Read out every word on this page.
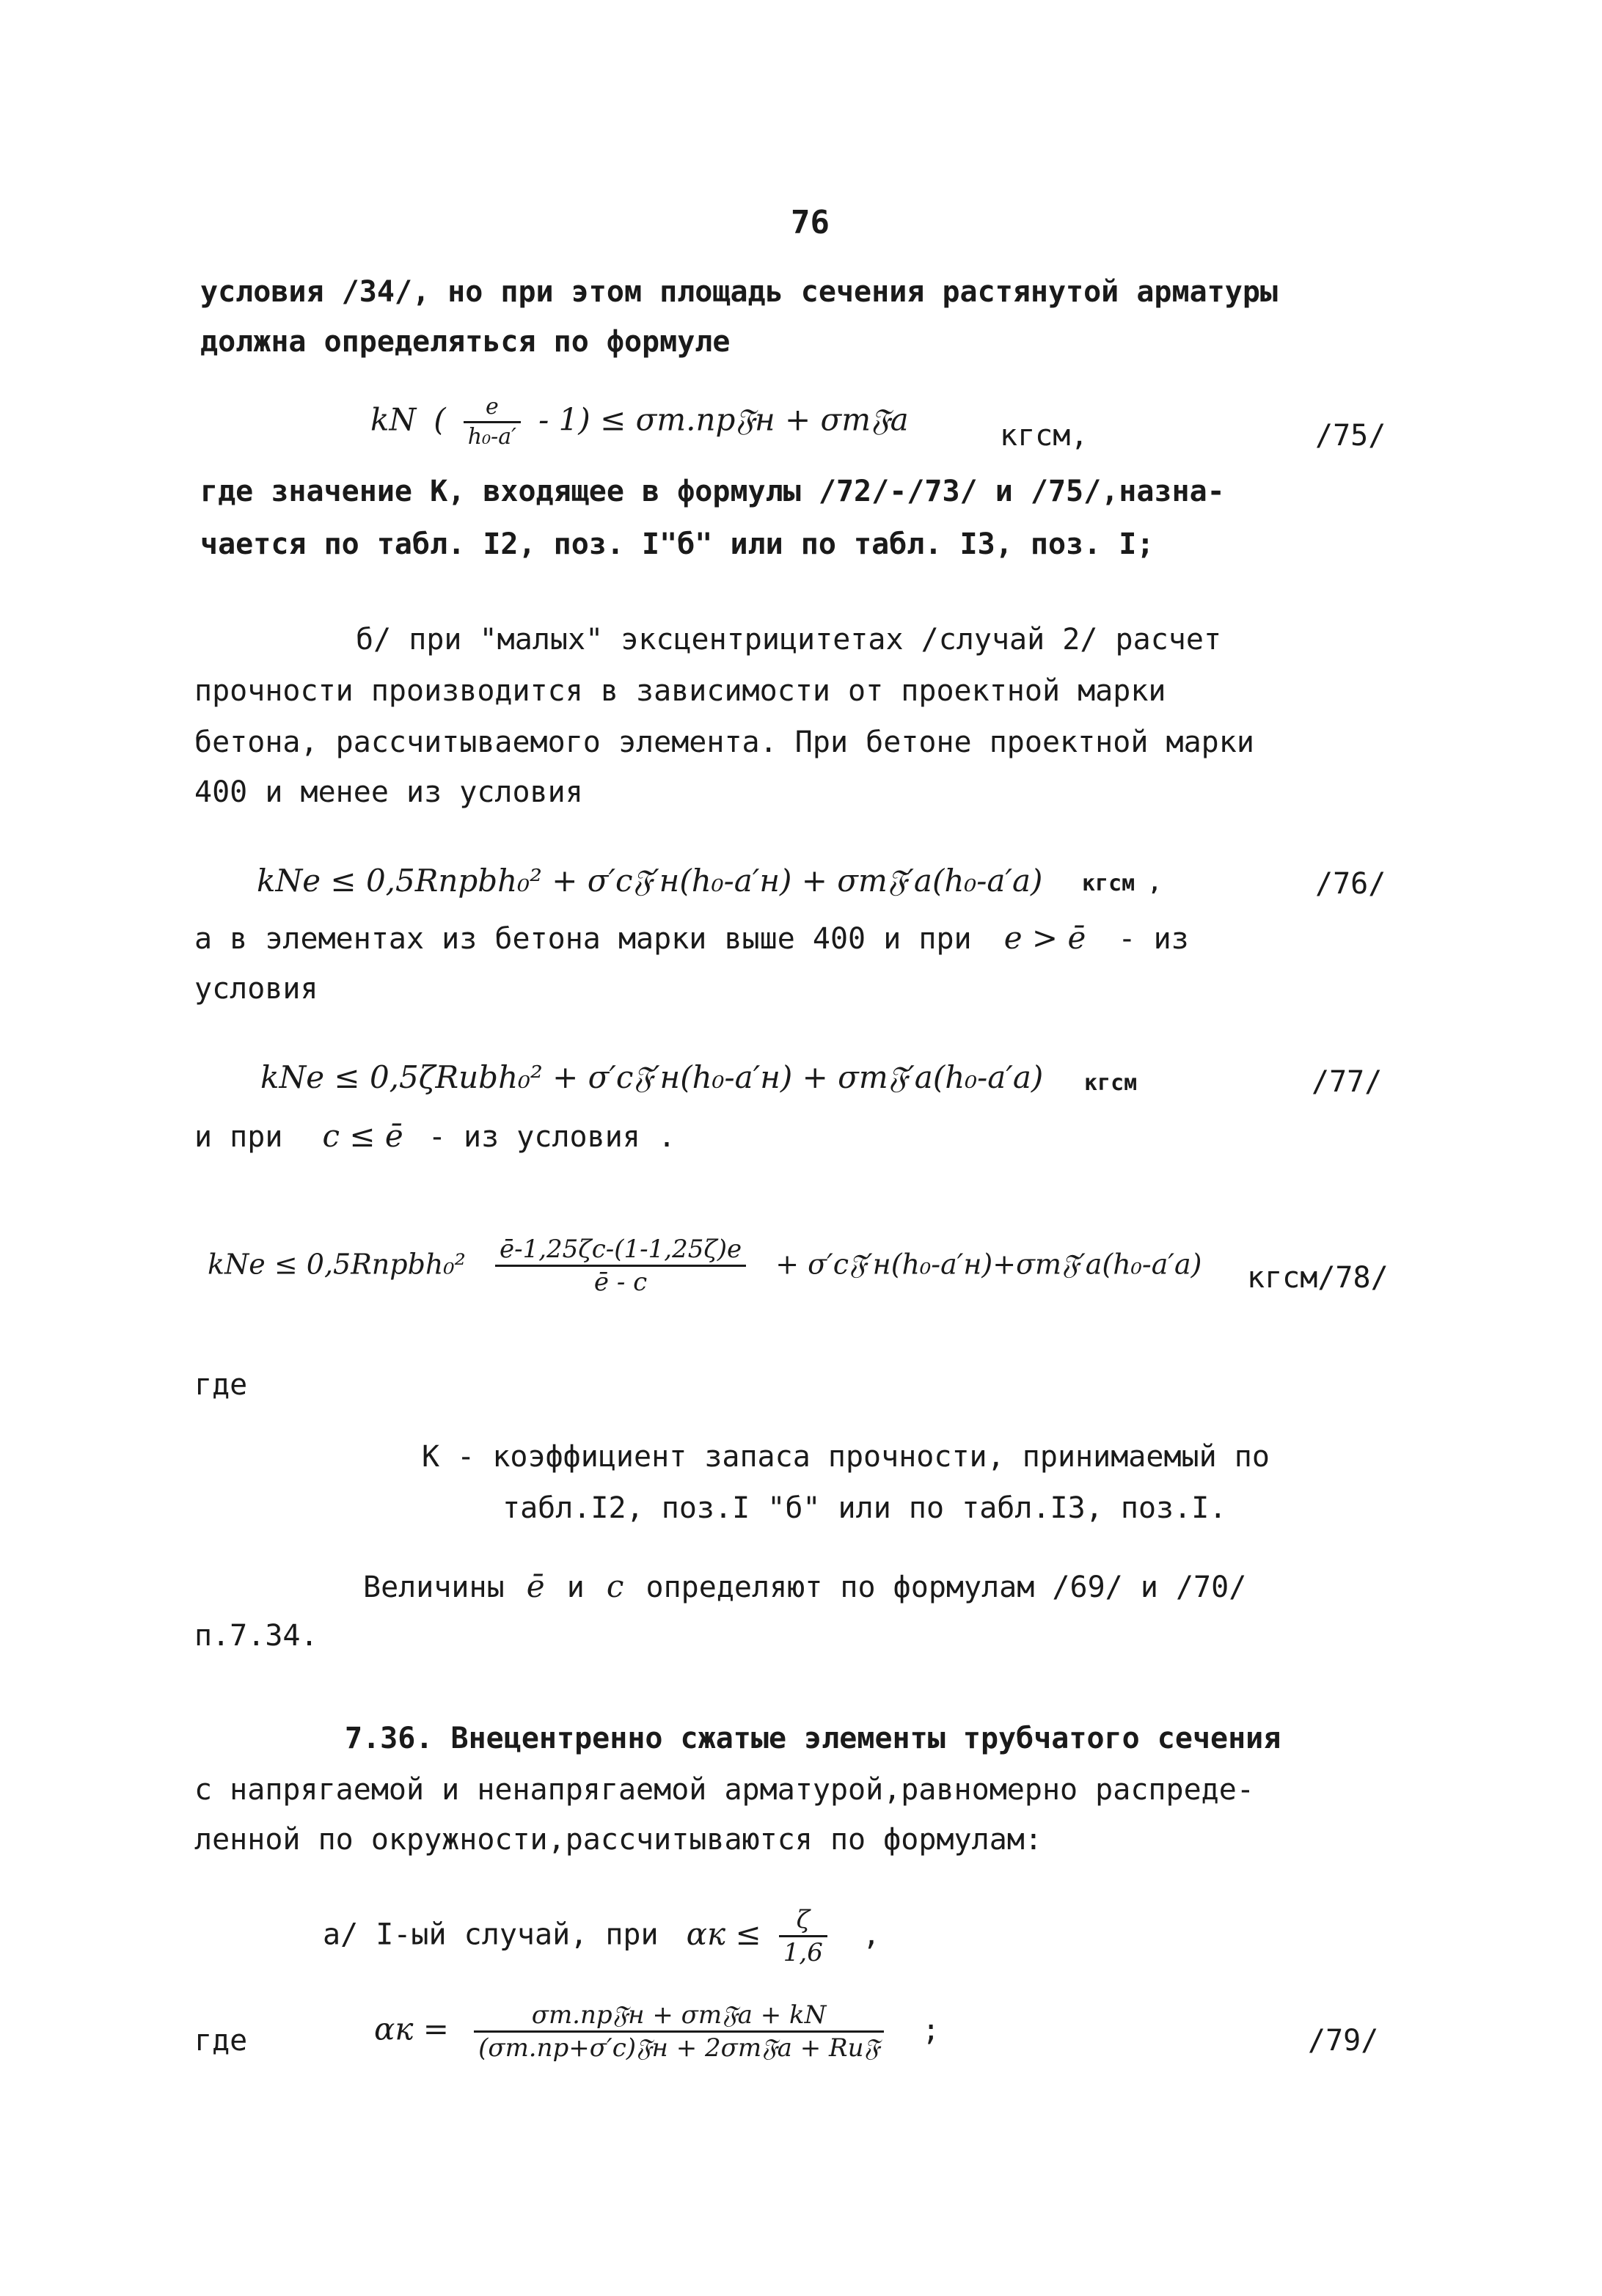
76
условия /34/, но при этом площадь сечения растянутой арматуры
должна определяться по формуле
kN ( $\frac{e}{\text{h₀-a′}} - 1$) ≤ σт.пр𝔉н + σт𝔉а	кгсм,	/75/
где значение К, входящее в формулы /72/-/73/ и /75/,назна-
чается по табл. I2, поз. I"б" или по табл. I3, поз. I;
б/ при "малых" эксцентрицитетах /случай 2/ расчет
прочности производится в зависимости от проектной марки
бетона, рассчитываемого элемента. При бетоне проектной марки
400 и менее из условия
kNe ≤ 0,5Rпрbh₀² + σ′с𝔉′н(h₀-a′н) + σт𝔉′а(h₀-a′а) кгсм ,	/76/
а в элементах из бетона марки выше 400 и при e > ē - из
условия
kNe ≤ 0,5ζRиbh₀² + σ′с𝔉′н(h₀-a′н) + σт𝔉′а(h₀-a′а) кгсм	/77/
и при c ≤ ē - из условия .
kNe ≤ 0,5Rпрbh₀² $\frac{ē-1,25\zeta c-(1-1,25\zeta)e}{ē - c}$ + σ′с𝔉′н(h₀-a′н)+σт𝔉′а(h₀-a′а) кгсм/78/
где
К - коэффициент запаса прочности, принимаемый по
табл.I2, поз.I "б" или по табл.I3, поз.I.
Величины ē и c определяют по формулам /69/ и /70/
п.7.34.
7.36. Внецентренно сжатые элементы трубчатого сечения
с напрягаемой и ненапрягаемой арматурой,равномерно распреде-
ленной по окружности,рассчитываются по формулам:
а/ I-ый случай, при $\alpha к \le \frac{\zeta}{1,6}$ ,
где	$\alpha к = \frac{\text{σт.пр𝔉н + σт𝔉а + kN}}{\text{(σт.пр+σ′с)𝔉н + 2σт𝔉а + Rи𝔉}}$ ;	/79/
